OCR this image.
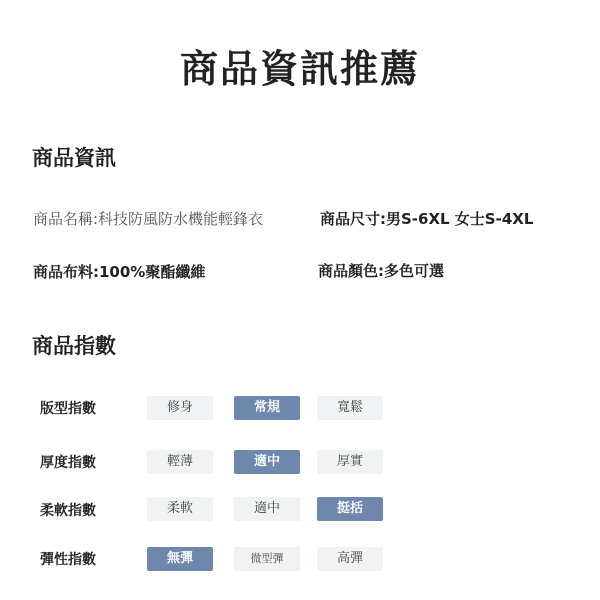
商品資訊推薦
商品資訊
商品名稱:科技防風防水機能輕鋒衣	商品尺寸:男S-6XL 女士S-4XL
商品布料:100%聚酯纖維	商品顏色:多色可選
商品指數
版型指數	修身	常規	寬鬆
厚度指數	輕薄	適中	厚實
柔軟指數	柔軟	適中	挺括
彈性指數	無彈	微型彈	高彈
